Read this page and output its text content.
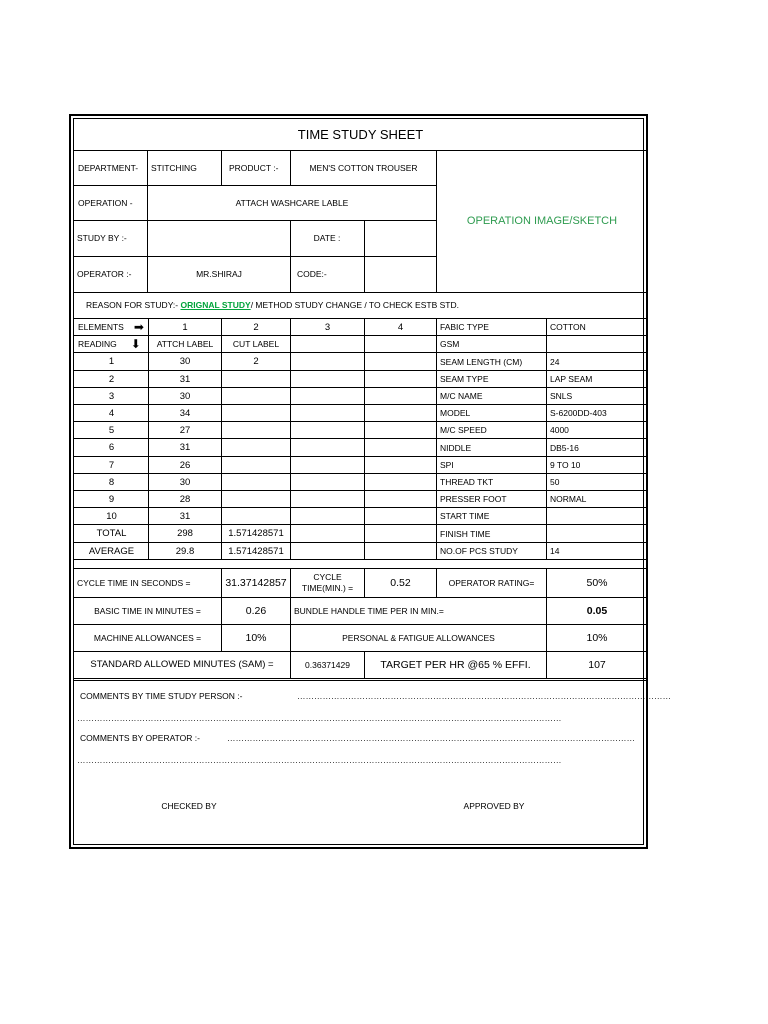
TIME STUDY SHEET
DEPARTMENT-	STITCHING	PRODUCT :-	MEN'S COTTON TROUSER
OPERATION -	ATTACH WASHCARE LABLE
STUDY BY :-	DATE :
OPERATOR :-	MR.SHIRAJ	CODE:-
OPERATION IMAGE/SKETCH
REASON FOR STUDY:-
ORIGNAL STUDY / METHOD STUDY CHANGE / TO CHECK ESTB STD.
ELEMENTS ➡	1	2	3	4
READING ⬇	ATTCH LABEL	CUT LABEL
1	30	2
2	31
3	30
4	34
5	27
6	31
7	26
8	30
9	28
10	31
TOTAL	298	1.571428571
AVERAGE	29.8	1.571428571
FABIC TYPE	COTTON
GSM
SEAM LENGTH (CM)	24
SEAM TYPE	LAP SEAM
M/C NAME	SNLS
MODEL	S-6200DD-403
M/C SPEED	4000
NIDDLE	DB5-16
SPI	9 TO 10
THREAD TKT	50
PRESSER FOOT	NORMAL
START TIME
FINISH TIME
NO.OF PCS STUDY	14
CYCLE TIME IN SECONDS =	31.37142857	CYCLE TIME(MIN.) =	0.52	OPERATOR RATING=	50%
BASIC TIME IN MINUTES =	0.26	BUNDLE HANDLE TIME PER IN MIN.=	0.05
MACHINE ALLOWANCES =	10%	PERSONAL & FATIGUE ALLOWANCES	10%
STANDARD ALLOWED MINUTES (SAM) =	0.36371429	TARGET PER HR @65 % EFFI.	107
COMMENTS BY TIME STUDY PERSON :-	……………………………………………………………………………………………………………………
………………………………………………………………………………………………………………………………………………………
COMMENTS BY OPERATOR :-	………………………………………………………………………………………………………………………………
………………………………………………………………………………………………………………………………………………………
CHECKED BY	APPROVED BY
